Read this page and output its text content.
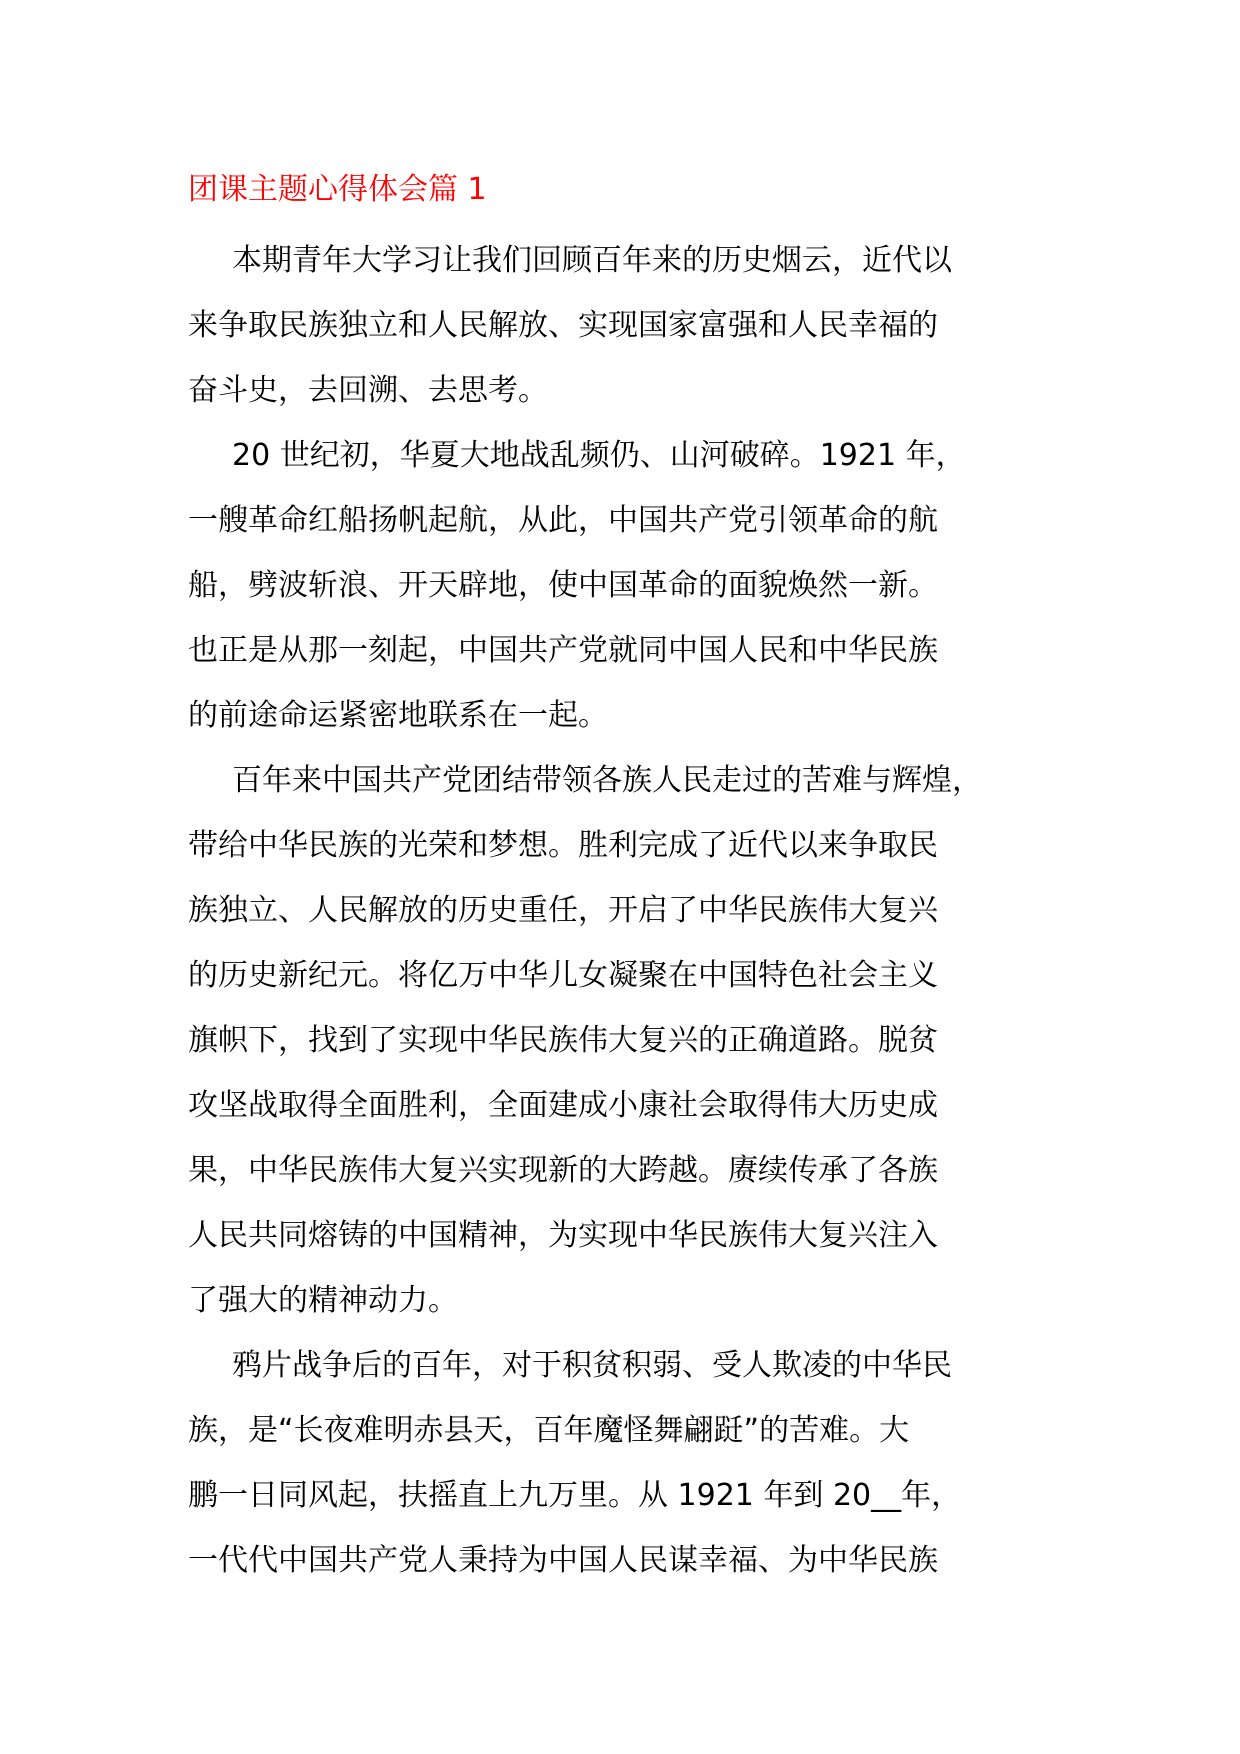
团课主题心得体会篇 1
本期青年大学习让我们回顾百年来的历史烟云，近代以
来争取民族独立和人民解放、实现国家富强和人民幸福的
奋斗史，去回溯、去思考。
20 世纪初，华夏大地战乱频仍、山河破碎。1921 年，
一艘革命红船扬帆起航，从此，中国共产党引领革命的航
船，劈波斩浪、开天辟地，使中国革命的面貌焕然一新。
也正是从那一刻起，中国共产党就同中国人民和中华民族
的前途命运紧密地联系在一起。
百年来中国共产党团结带领各族人民走过的苦难与辉煌，
带给中华民族的光荣和梦想。胜利完成了近代以来争取民
族独立、人民解放的历史重任，开启了中华民族伟大复兴
的历史新纪元。将亿万中华儿女凝聚在中国特色社会主义
旗帜下，找到了实现中华民族伟大复兴的正确道路。脱贫
攻坚战取得全面胜利，全面建成小康社会取得伟大历史成
果，中华民族伟大复兴实现新的大跨越。赓续传承了各族
人民共同熔铸的中国精神，为实现中华民族伟大复兴注入
了强大的精神动力。
鸦片战争后的百年，对于积贫积弱、受人欺凌的中华民
族，是“长夜难明赤县天，百年魔怪舞翩跹”的苦难。大
鹏一日同风起，扶摇直上九万里。从 1921 年到 20__年，
一代代中国共产党人秉持为中国人民谋幸福、为中华民族
